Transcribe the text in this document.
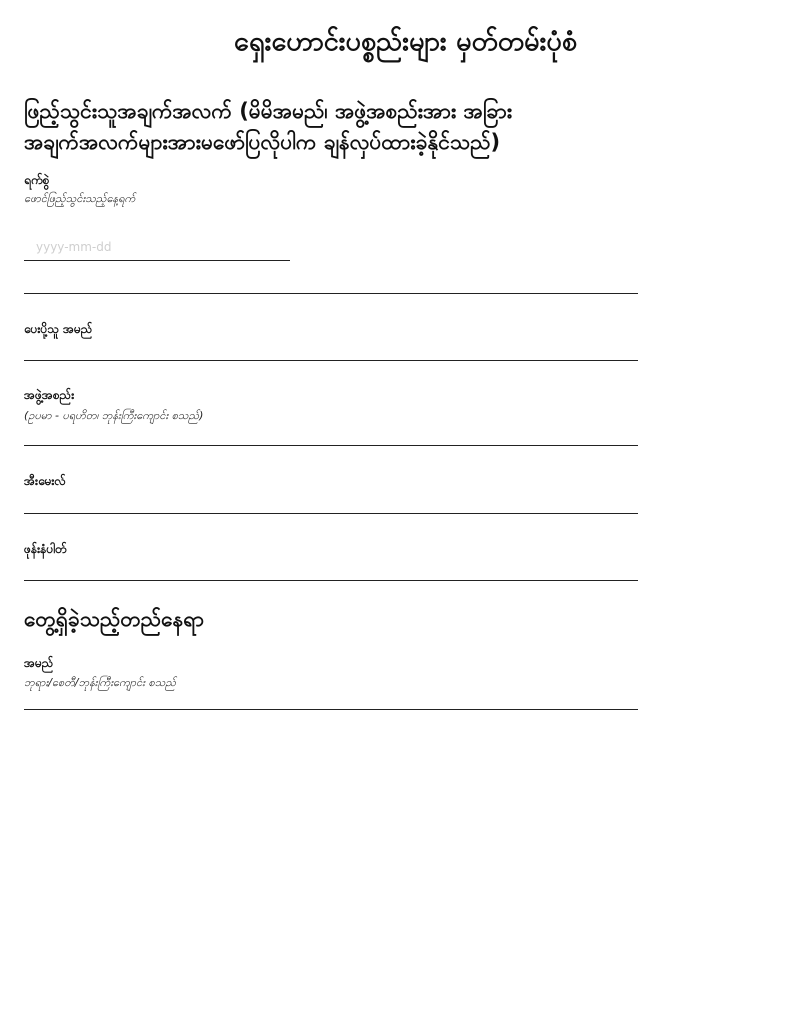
ရှေးဟောင်းပစ္စည်းများ မှတ်တမ်းပုံစံ
ဖြည့်သွင်းသူအချက်အလက် (မိမိအမည်၊ အဖွဲ့အစည်းအား အခြားအချက်အလက်များအားမဖော်ပြလိုပါက ချန်လှပ်ထားခဲ့နိုင်သည်)
ရက်စွဲ
ဖောင်ဖြည့်သွင်းသည့်နေ့ရက်
yyyy-mm-dd
ပေးပို့သူ အမည်
အဖွဲ့အစည်း
(ဥပမာ - ပရဟိတ၊ ဘုန်းကြီးကျောင်း စသည်)
အီးမေးလ်
ဖုန်းနံပါတ်
တွေ့ရှိခဲ့သည့်တည်နေရာ
အမည်
ဘုရား/စေတီ/ဘုန်းကြီးကျောင်း စသည်
